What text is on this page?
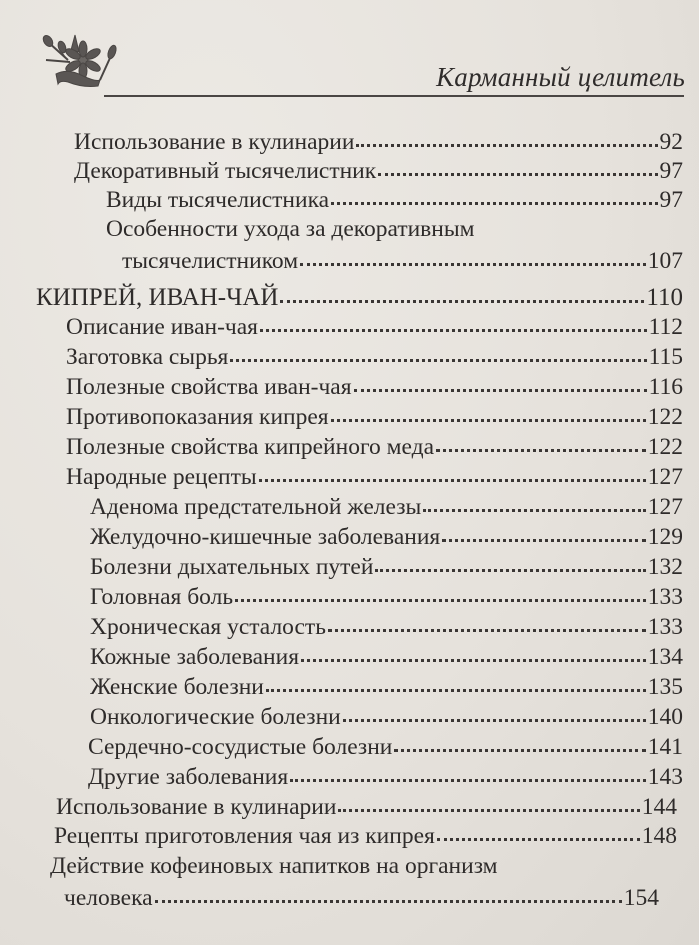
Карманный целитель
Использование в кулинарии	92
Декоративный тысячелистник	97
Виды тысячелистника	97
Особенности ухода за декоративным
тысячелистником	107
КИПРЕЙ, ИВАН-ЧАЙ	110
Описание иван-чая	112
Заготовка сырья	115
Полезные свойства иван-чая	116
Противопоказания кипрея	122
Полезные свойства кипрейного меда	122
Народные рецепты	127
Аденома предстательной железы	127
Желудочно-кишечные заболевания	129
Болезни дыхательных путей	132
Головная боль	133
Хроническая усталость	133
Кожные заболевания	134
Женские болезни	135
Онкологические болезни	140
Сердечно-сосудистые болезни	141
Другие заболевания	143
Использование в кулинарии	144
Рецепты приготовления чая из кипрея	148
Действие кофеиновых напитков на организм
человека	154
